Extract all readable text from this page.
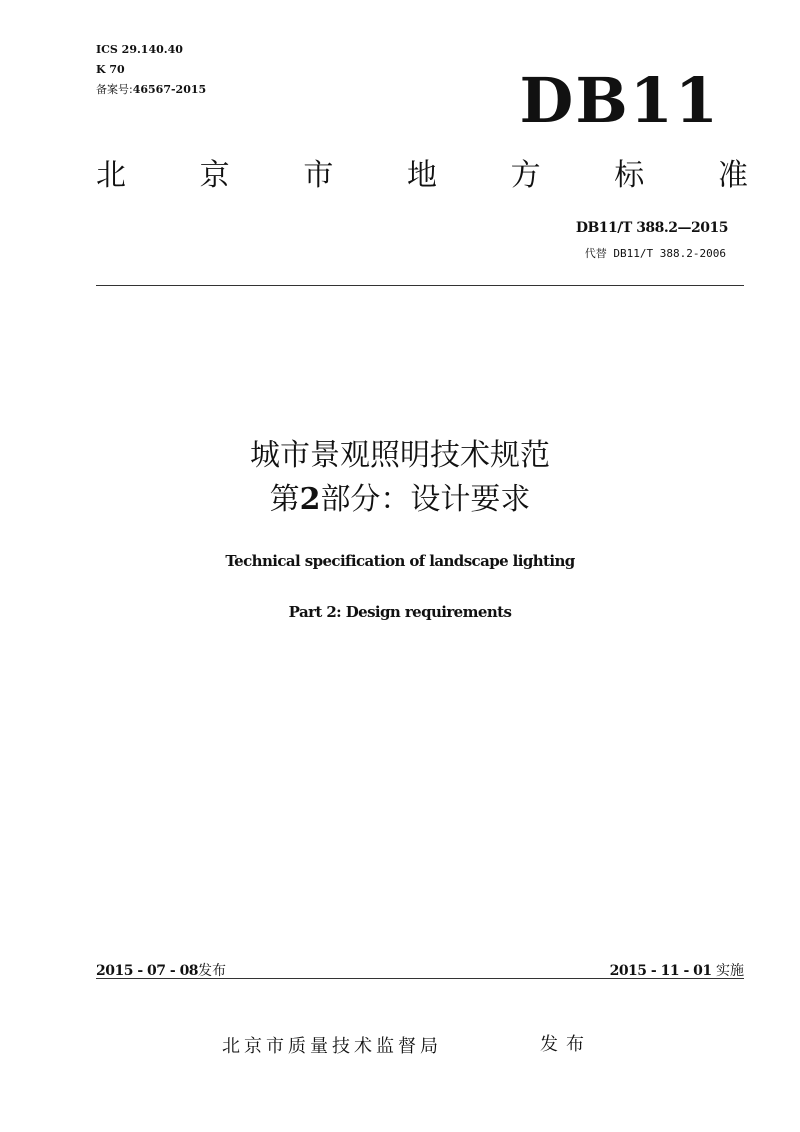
ICS 29.140.40
K 70
备案号:46567-2015	DB11
北 京 市 地 方 标 准
DB11/T 388.2—2015
代替 DB11/T 388.2-2006
城市景观照明技术规范
第2部分：设计要求
Technical specification of landscape lighting
Part 2: Design requirements
2015 - 07 - 08发布	2015 - 11 - 01 实施
北京市质量技术监督局	发布
